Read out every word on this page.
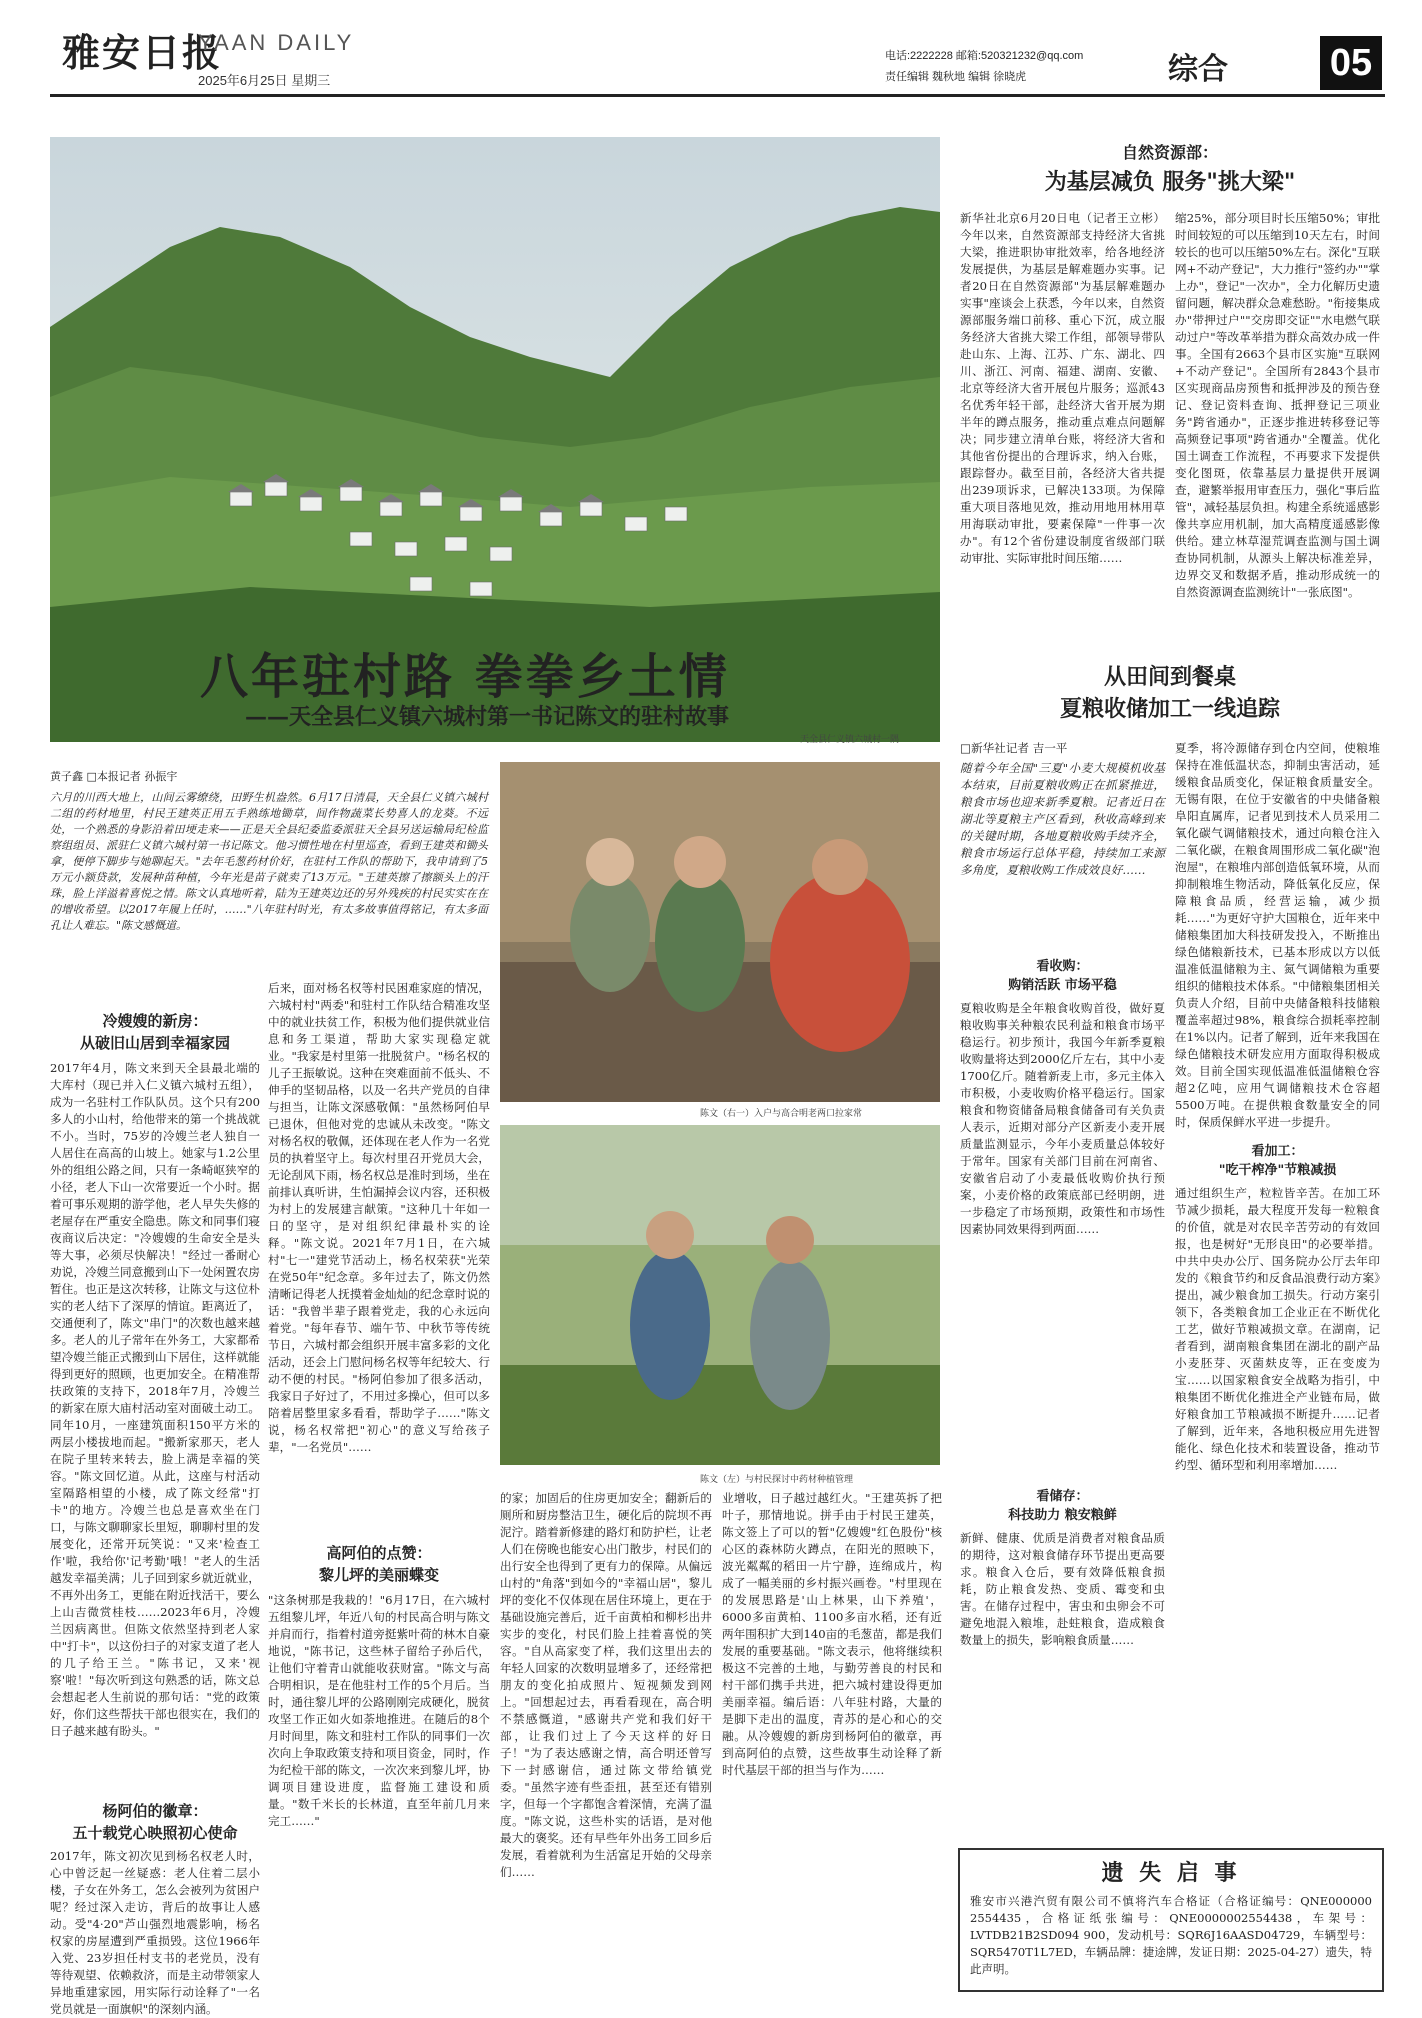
雅安日报
YAAN DAILY
2025年6月25日 星期三
电话:2222228 邮箱:520321232@qq.com
责任编辑 魏秋地 编辑 徐晓虎	综合	05
天全县仁义镇六城村一隅
八年驻村路 拳拳乡土情
——天全县仁义镇六城村第一书记陈文的驻村故事
黄子鑫 □本报记者 孙振宇
六月的川西大地上，山间云雾缭绕，田野生机盎然。6月17日清晨，天全县仁义镇六城村二组的药材地里，村民王建英正用五手熟练地锄草，间作物蔬菜长势喜人的龙葵。不远处，一个熟悉的身影沿着田埂走来——正是天全县纪委监委派驻天全县另送运输局纪检监察组组员、派驻仁义镇六城村第一书记陈文。他习惯性地在村里巡查，看到王建英和锄头拿，便停下脚步与她聊起天。"去年毛葱药材价好，在驻村工作队的帮助下，我申请到了5万元小额贷款，发展种苗种植，今年光是苗子就卖了13万元。"王建英擦了擦额头上的汗珠，脸上洋溢着喜悦之情。陈文认真地听着，陆为王建英边还的另外残疾的村民实实在在的增收希望。以2017年履上任时，……"八年驻村时光，有太多故事值得铭记，有太多面孔让人难忘。"陈文感慨道。
陈文（右一）入户与高合明老两口拉家常
冷嫂嫂的新房：
从破旧山居到幸福家园
2017年4月，陈文来到天全县最北端的大库村（现已并入仁义镇六城村五组），成为一名驻村工作队队员。这个只有200多人的小山村，给他带来的第一个挑战就不小。当时，75岁的冷嫂兰老人独自一人居住在高高的山坡上。她家与1.2公里外的组组公路之间，只有一条崎岖狭窄的小径，老人下山一次常要近一个小时。据着可事乐观期的游学他，老人早失失修的老屋存在严重安全隐患。陈文和同事们寝夜商议后决定："冷嫂嫂的生命安全是头等大事，必须尽快解决！"经过一番耐心劝说，冷嫂兰同意搬到山下一处闲置农房暂住。也正是这次转移，让陈文与这位朴实的老人结下了深厚的情谊。距离近了，交通便利了，陈文"串门"的次数也越来越多。老人的儿子常年在外务工，大家都希望冷嫂兰能正式搬到山下居住，这样就能得到更好的照顾，也更加安全。在精准帮扶政策的支持下，2018年7月，冷嫂兰的新家在原大庙村活动室对面破土动工。同年10月，一座建筑面积150平方米的两层小楼拔地而起。"搬新家那天，老人在院子里转来转去，脸上满是幸福的笑容。"陈文回忆道。从此，这座与村活动室隔路相望的小楼，成了陈文经常"打卡"的地方。冷嫂兰也总是喜欢坐在门口，与陈文聊聊家长里短，聊聊村里的发展变化，还常开玩笑说："又来'检查工作'啦，我给你'记考勤'哦！"老人的生活越发幸福美满；儿子回到家乡就近就业，不再外出务工，更能在附近找活干，要么上山吉微赏桂枝……2023年6月，冷嫂兰因病离世。但陈文依然坚持到老人家中"打卡"，以这份扫子的对家支道了老人的几子给王兰。"陈书记，又来'视察'啦！"每次听到这句熟悉的话，陈文总会想起老人生前说的那句话："党的政策好，你们这些帮扶干部也很实在，我们的日子越来越有盼头。"
杨阿伯的徽章：
五十载党心映照初心使命
2017年，陈文初次见到杨名权老人时，心中曾泛起一丝疑惑：老人住着二层小楼，子女在外务工，怎么会被列为贫困户呢？经过深入走访，背后的故事让人感动。受"4·20"芦山强烈地震影响，杨名权家的房屋遭到严重损毁。这位1966年入党、23岁担任村支书的老党员，没有等待观望、依赖救济，而是主动带领家人异地重建家园，用实际行动诠释了"一名党员就是一面旗帜"的深刻内涵。
后来，面对杨名权等村民困难家庭的情况，六城村村"两委"和驻村工作队结合精准攻坚中的就业扶贫工作，积极为他们提供就业信息和务工渠道，帮助大家实现稳定就业。"我家是村里第一批脱贫户。"杨名权的儿子王振敏说。这种在突难面前不低头、不伸手的坚韧品格，以及一名共产党员的自律与担当，让陈文深感敬佩："虽然杨阿伯早已退休，但他对党的忠诚从未改变。"陈文对杨名权的敬佩，还体现在老人作为一名党员的执着坚守上。每次村里召开党员大会，无论刮风下雨，杨名权总是准时到场，坐在前排认真听讲，生怕漏掉会议内容，还积极为村上的发展建言献策。"这种几十年如一日的坚守，是对组织纪律最朴实的诠释。"陈文说。2021年7月1日，在六城村"七一"建党节活动上，杨名权荣获"光荣在党50年"纪念章。多年过去了，陈文仍然清晰记得老人抚摸着金灿灿的纪念章时说的话："我曾半辈子跟着党走，我的心永远向着党。"每年春节、端午节、中秋节等传统节日，六城村都会组织开展丰富多彩的文化活动，还会上门慰问杨名权等年纪较大、行动不便的村民。"杨阿伯参加了很多活动，我家日子好过了，不用过多操心，但可以多陪着居整里家多看看，帮助学子……"陈文说，杨名权常把"初心"的意义写给孩子辈，"一名党员"……
高阿伯的点赞：
黎儿坪的美丽蝶变
"这条树那是我栽的！"6月17日，在六城村五组黎儿坪，年近八旬的村民高合明与陈文并肩而行，指着村道旁挺紫叶荷的林木自豪地说，"陈书记，这些林子留给子孙后代，让他们守着青山就能收获财富。"陈文与高合明相识，是在他驻村工作的5个月后。当时，通往黎儿坪的公路刚刚完成硬化，脱贫攻坚工作正如火如荼地推进。在随后的8个月时间里，陈文和驻村工作队的同事们一次次向上争取政策支持和项目资金，同时，作为纪检干部的陈文，一次次来到黎儿坪，协调项目建设进度，监督施工建设和质量。"数千米长的长林道，直至年前几月来完工……"
陈文（左）与村民探讨中药材种植管理
的家；加固后的住房更加安全；翻新后的厕所和厨房整洁卫生，硬化后的院坝不再泥泞。踏着新修建的路灯和防护栏，让老人们在傍晚也能安心出门散步，村民们的出行安全也得到了更有力的保障。从偏远山村的"角落"到如今的"幸福山居"，黎儿坪的变化不仅体现在居住环境上，更在于基础设施完善后，近千亩黄柏和柳杉出井实步的变化，村民们脸上挂着喜悦的笑容。"自从高家变了样，我们这里出去的年轻人回家的次数明显增多了，还经常把朋友的变化拍成照片、短视频发到网上。"回想起过去，再看看现在，高合明不禁感慨道，"感谢共产党和我们好干部，让我们过上了今天这样的好日子！"为了表达感谢之情，高合明还曾写下一封感谢信，通过陈文带给镇党委。"虽然字迹有些歪扭，甚至还有错别字，但每一个字都饱含着深情，充满了温度。"陈文说，这些朴实的话语，是对他最大的褒奖。还有早些年外出务工回乡后发展，看着就利为生活富足开始的父母亲们……
业增收，日子越过越红火。"王建英拆了把叶子，那情地说。拼手由于村民王建英，陈文签上了可以的暂"亿嫂嫂"红色股份"核心区的森林防火蹲点，在阳光的照映下，波光粼粼的稻田一片宁静，连绵成片，构成了一幅美丽的乡村振兴画卷。"村里现在的发展思路是'山上林果，山下养殖'，6000多亩黄柏、1100多亩水稻，还有近两年围积扩大到140亩的毛葱苗，都是我们发展的重要基础。"陈文表示，他将继续积极这不完善的土地，与勤劳善良的村民和村干部们携手共进，把六城村建设得更加美丽幸福。编后语：八年驻村路，大量的是脚下走出的温度，青苏的是心和心的交融。从冷嫂嫂的新房到杨阿伯的徽章，再到高阿伯的点赞，这些故事生动诠释了新时代基层干部的担当与作为……
自然资源部：
为基层减负 服务"挑大梁"
新华社北京6月20日电（记者王立彬）今年以来，自然资源部支持经济大省挑大梁，推进职协审批效率，给各地经济发展提供，为基层是解难题办实事。记者20日在自然资源部"为基层解难题办实事"座谈会上获悉，今年以来，自然资源部服务端口前移、重心下沉，成立服务经济大省挑大梁工作组，部领导带队赴山东、上海、江苏、广东、湖北、四川、浙江、河南、福建、湖南、安徽、北京等经济大省开展包片服务；巡派43名优秀年轻干部，赴经济大省开展为期半年的蹲点服务，推动重点难点问题解决；同步建立清单台账，将经济大省和其他省份提出的合理诉求，纳入台账，跟踪督办。截至目前，各经济大省共提出239项诉求，已解决133项。为保障重大项目落地见效，推动用地用林用草用海联动审批，要素保障"一件事一次办"。有12个省份建设制度省级部门联动审批、实际审批时间压缩……
缩25%，部分项目时长压缩50%；审批时间较短的可以压缩到10天左右，时间较长的也可以压缩50%左右。深化"互联网+不动产登记"，大力推行"签约办""掌上办"，登记"一次办"，全力化解历史遗留问题，解决群众急难愁盼。"衔接集成办"带押过户""交房即交证""水电燃气联动过户"等改革举措为群众高效办成一件事。全国有2663个县市区实施"互联网+不动产登记"。全国所有2843个县市区实现商品房预售和抵押涉及的预告登记、登记资料查询、抵押登记三项业务"跨省通办"，正逐步推进转移登记等高频登记事项"跨省通办"全覆盖。优化国土调查工作流程，不再要求下发提供变化图斑，依靠基层力量提供开展调查，避繁举报用审查压力，强化"事后监管"，减轻基层负担。构建全系统遥感影像共享应用机制，加大高精度遥感影像供给。建立林草湿荒调查监测与国土调查协同机制，从源头上解决标准差异，边界交叉和数据矛盾，推动形成统一的自然资源调查监测统计"一张底图"。
从田间到餐桌
夏粮收储加工一线追踪
□新华社记者 吉一平
随着今年全国"三夏"小麦大规模机收基本结束，目前夏粮收购正在抓紧推进，粮食市场也迎来新季夏粮。记者近日在湖北等夏粮主产区看到，秋收高峰到来的关键时期，各地夏粮收购手续齐全，粮食市场运行总体平稳，持续加工来源多角度，夏粮收购工作成效良好……
看收购：
购销活跃 市场平稳
夏粮收购是全年粮食收购首役，做好夏粮收购事关种粮农民利益和粮食市场平稳运行。初步预计，我国今年新季夏粮收购量将达到2000亿斤左右，其中小麦1700亿斤。随着新麦上市，多元主体入市积极，小麦收购价格平稳运行。国家粮食和物资储备局粮食储备司有关负责人表示，近期对部分产区新麦小麦开展质量监测显示，今年小麦质量总体较好于常年。国家有关部门目前在河南省、安徽省启动了小麦最低收购价执行预案，小麦价格的政策底部已经明朗，进一步稳定了市场预期，政策性和市场性因素协同效果得到两面……
看储存：
科技助力 粮安粮鲜
新鲜、健康、优质是消费者对粮食品质的期待，这对粮食储存环节提出更高要求。粮食入仓后，要有效降低粮食损耗，防止粮食发热、变质、霉变和虫害。在储存过程中，害虫和虫卵会不可避免地混入粮堆，赴蛀粮食，造成粮食数量上的损失，影响粮食质量……
夏季，将冷源储存到仓内空间，使粮堆保持在准低温状态，抑制虫害活动，延缓粮食品质变化，保证粮食质量安全。无锡有限，在位于安徽省的中央储备粮阜阳直属库，记者见到技术人员采用二氧化碳气调储粮技术，通过向粮仓注入二氧化碳，在粮食周围形成二氧化碳"泡泡屋"，在粮堆内部创造低氧环境，从而抑制粮堆生物活动，降低氧化反应，保障粮食品质，经营运输，减少损耗……"为更好守护大国粮仓，近年来中储粮集团加大科技研发投入，不断推出绿色储粮新技术，已基本形成以方以低温准低温储粮为主、氮气调储粮为重要组织的储粮技术体系。"中储粮集团相关负责人介绍，目前中央储备粮科技储粮覆盖率超过98%，粮食综合损耗率控制在1%以内。记者了解到，近年来我国在绿色储粮技术研发应用方面取得积极成效。目前全国实现低温准低温储粮仓容超2亿吨，应用气调储粮技术仓容超5500万吨。在提供粮食数量安全的同时，保质保鲜水平进一步提升。
看加工：
"吃干榨净"节粮减损
通过组织生产，粒粒皆辛苦。在加工环节减少损耗，最大程度开发每一粒粮食的价值，就是对农民辛苦劳动的有效回报，也是树好"无形良田"的必要举措。中共中央办公厅、国务院办公厅去年印发的《粮食节约和反食品浪费行动方案》提出，减少粮食加工损失。行动方案引领下，各类粮食加工企业正在不断优化工艺，做好节粮减损文章。在湖南，记者看到，湖南粮食集团在湖北的副产品小麦胚芽、灭菌麸皮等，正在变废为宝……以国家粮食安全战略为指引，中粮集团不断优化推进全产业链布局，做好粮食加工节粮减损不断提升……记者了解到，近年来，各地积极应用先进智能化、绿色化技术和装置设备，推动节约型、循环型和利用率增加……
遗 失 启 事
雅安市兴港汽贸有限公司不慎将汽车合格证（合格证编号：QNE000000 2554435，合格证纸张编号：QNE0000002554438，车架号：LVTDB21B2SD094 900，发动机号：SQR6J16AASD04729，车辆型号：SQR5470T1L7ED，车辆品牌：捷途牌，发证日期：2025-04-27）遗失，特此声明。
